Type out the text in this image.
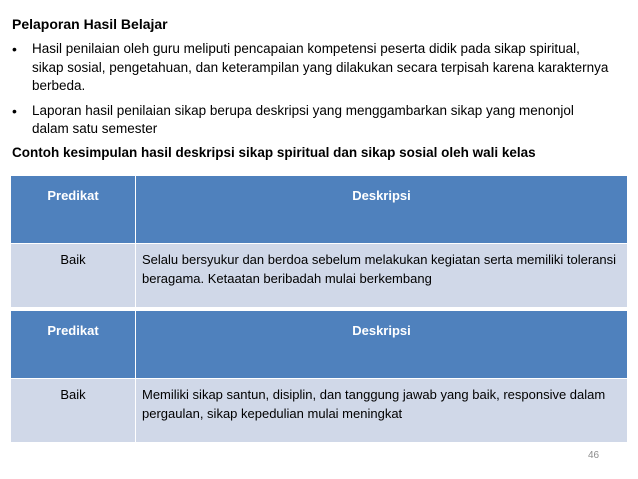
Pelaporan Hasil Belajar
• Hasil penilaian oleh guru meliputi pencapaian kompetensi peserta didik pada sikap spiritual, sikap sosial, pengetahuan, dan keterampilan yang dilakukan secara terpisah karena karakternya berbeda.
• Laporan hasil penilaian sikap berupa deskripsi yang menggambarkan sikap yang menonjol dalam satu semester
Contoh kesimpulan hasil deskripsi sikap spiritual dan sikap sosial oleh wali kelas
Predikat	Deskripsi
Baik	Selalu bersyukur dan berdoa sebelum melakukan kegiatan serta memiliki toleransi beragama. Ketaatan beribadah mulai berkembang
Predikat	Deskripsi
Baik	Memiliki sikap santun, disiplin, dan tanggung jawab yang baik, responsive dalam pergaulan, sikap kepedulian mulai meningkat
46
